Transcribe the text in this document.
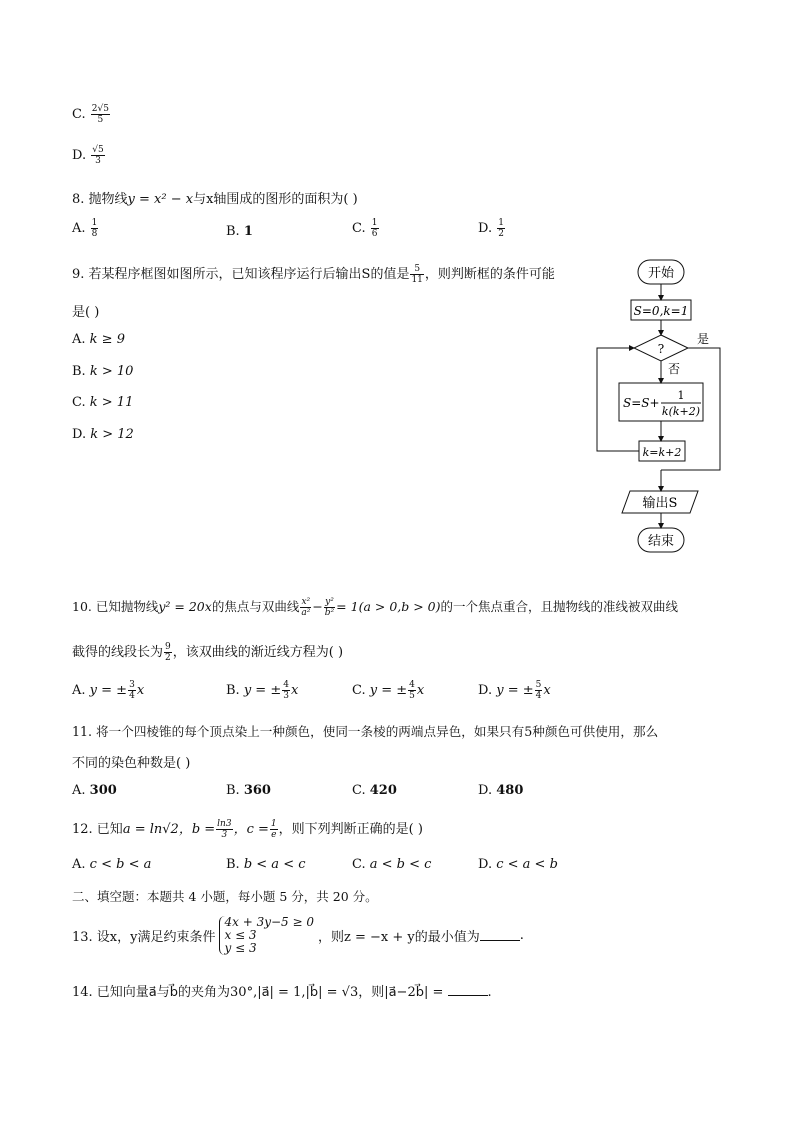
C. $\frac{2√5}{5}$
D. $\frac{√5}{3}$
8. 抛物线y = x² − x与x轴围成的图形的面积为( )
A. $\frac{1}{8}$	B. 1	C. $\frac{1}{6}$	D. $\frac{1}{2}$
9. 若某程序框图如图所示，已知该程序运行后输出S的值是 $\frac{5}{11}$ ，则判断框的条件可能
是( )
A. k ≥ 9
B. k > 10
C. k > 11
D. k > 12
开始
S=0,k=1
?
是
否
S=S+
1
k(k+2)
k=k+2
输出S
结束
10. 已知抛物线y² = 20x的焦点与双曲线 $\frac{\text{x²}}{\text{a²}} - \frac{\text{y²}}{\text{b²}} = 1(a > 0,b > 0)$的一个焦点重合，且抛物线的准线被双曲线
截得的线段长为 $\frac{9}{2}$ ，该双曲线的渐近线方程为( )
A. y = ± $\frac{3}{4}$ x	B. y = ± $\frac{4}{3}$ x	C. y = ± $\frac{4}{5}$ x	D. y = ± $\frac{5}{4}$ x
11. 将一个四棱锥的每个顶点染上一种颜色，使同一条棱的两端点异色，如果只有5种颜色可供使用，那么
不同的染色种数是( )
A. 300	B. 360	C. 420	D. 480
12. 已知a = ln√2，$b = \frac{\ln 3}{3}$ ，$c = \frac{1}{e}$ ，则下列判断正确的是( )
A. c < b < a	B. b < a < c	C. a < b < c	D. c < a < b
二、填空题：本题共 4 小题，每小题 5 分，共 20 分。
13. 设x，y满足约束条件
4x + 3y−5 ≥ 0
x ≤ 3
y ≤ 3
，则z = −x + y的最小值为	.
14. 已知向量a⃗与b⃗的夹角为30°,|a⃗| = 1,|b⃗| = √3，则|a⃗−2b⃗| =	.
